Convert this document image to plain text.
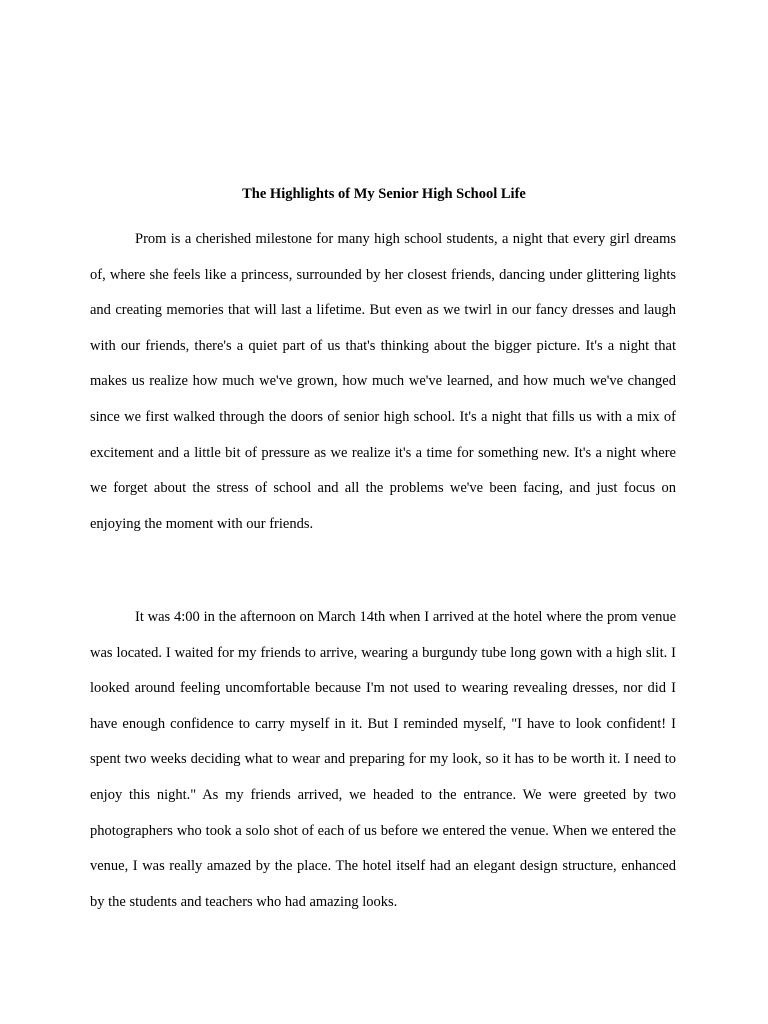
The Highlights of My Senior High School Life

Prom is a cherished milestone for many high school students, a night that every girl dreams of, where she feels like a princess, surrounded by her closest friends, dancing under glittering lights and creating memories that will last a lifetime. But even as we twirl in our fancy dresses and laugh with our friends, there's a quiet part of us that's thinking about the bigger picture. It's a night that makes us realize how much we've grown, how much we've learned, and how much we've changed since we first walked through the doors of senior high school. It's a night that fills us with a mix of excitement and a little bit of pressure as we realize it's a time for something new. It's a night where we forget about the stress of school and all the problems we've been facing, and just focus on enjoying the moment with our friends.

It was 4:00 in the afternoon on March 14th when I arrived at the hotel where the prom venue was located. I waited for my friends to arrive, wearing a burgundy tube long gown with a high slit. I looked around feeling uncomfortable because I'm not used to wearing revealing dresses, nor did I have enough confidence to carry myself in it. But I reminded myself, "I have to look confident! I spent two weeks deciding what to wear and preparing for my look, so it has to be worth it. I need to enjoy this night." As my friends arrived, we headed to the entrance. We were greeted by two photographers who took a solo shot of each of us before we entered the venue. When we entered the venue, I was really amazed by the place. The hotel itself had an elegant design structure, enhanced by the students and teachers who had amazing looks.
